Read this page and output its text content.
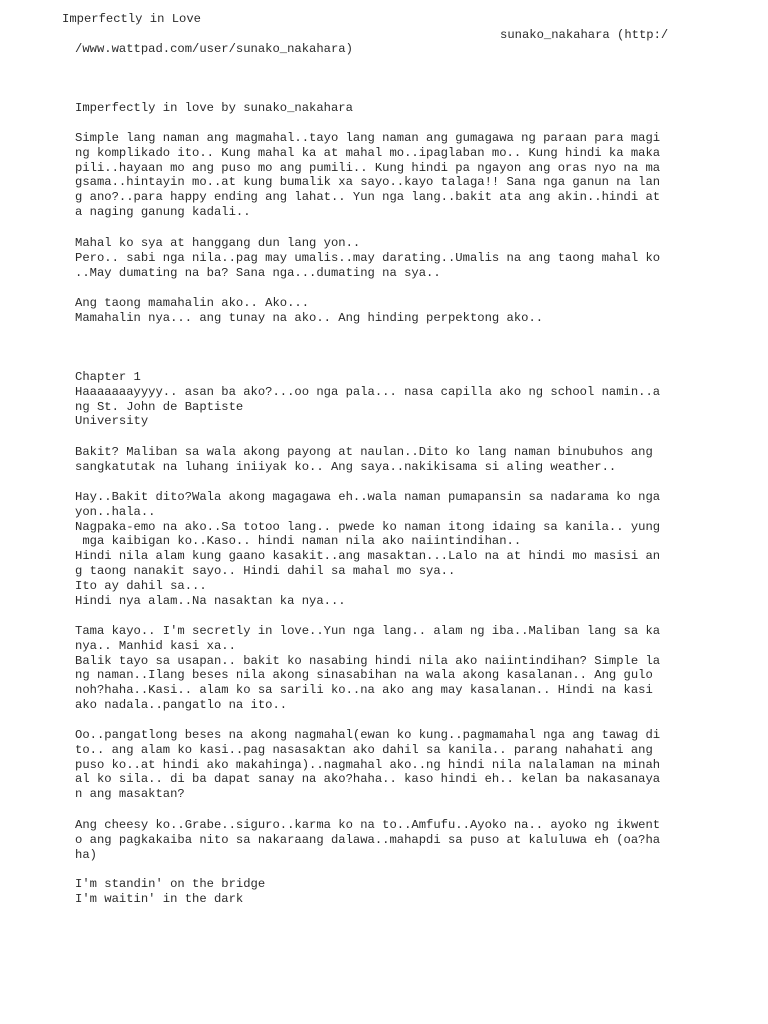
Imperfectly in Love
sunako_nakahara (http:/
/www.wattpad.com/user/sunako_nakahara)
Imperfectly in love by sunako_nakahara
Simple lang naman ang magmahal..tayo lang naman ang gumagawa ng paraan para magi
ng komplikado ito.. Kung mahal ka at mahal mo..ipaglaban mo.. Kung hindi ka maka
pili..hayaan mo ang puso mo ang pumili.. Kung hindi pa ngayon ang oras nyo na ma
gsama..hintayin mo..at kung bumalik xa sayo..kayo talaga!! Sana nga ganun na lan
g ano?..para happy ending ang lahat.. Yun nga lang..bakit ata ang akin..hindi at
a naging ganung kadali..
Mahal ko sya at hanggang dun lang yon..
Pero.. sabi nga nila..pag may umalis..may darating..Umalis na ang taong mahal ko
..May dumating na ba? Sana nga...dumating na sya..
Ang taong mamahalin ako.. Ako...
Mamahalin nya... ang tunay na ako.. Ang hinding perpektong ako..
Chapter 1
Haaaaaaayyyy.. asan ba ako?...oo nga pala... nasa capilla ako ng school namin..a
ng St. John de Baptiste
University
Bakit? Maliban sa wala akong payong at naulan..Dito ko lang naman binubuhos ang
sangkatutak na luhang iniiyak ko.. Ang saya..nakikisama si aling weather..
Hay..Bakit dito?Wala akong magagawa eh..wala naman pumapansin sa nadarama ko nga
yon..hala..
Nagpaka-emo na ako..Sa totoo lang.. pwede ko naman itong idaing sa kanila.. yung
mga kaibigan ko..Kaso.. hindi naman nila ako naiintindihan..
Hindi nila alam kung gaano kasakit..ang masaktan...Lalo na at hindi mo masisi an
g taong nanakit sayo.. Hindi dahil sa mahal mo sya..
Ito ay dahil sa...
Hindi nya alam..Na nasaktan ka nya...
Tama kayo.. I'm secretly in love..Yun nga lang.. alam ng iba..Maliban lang sa ka
nya.. Manhid kasi xa..
Balik tayo sa usapan.. bakit ko nasabing hindi nila ako naiintindihan? Simple la
ng naman..Ilang beses nila akong sinasabihan na wala akong kasalanan.. Ang gulo
noh?haha..Kasi.. alam ko sa sarili ko..na ako ang may kasalanan.. Hindi na kasi
ako nadala..pangatlo na ito..
Oo..pangatlong beses na akong nagmahal(ewan ko kung..pagmamahal nga ang tawag di
to.. ang alam ko kasi..pag nasasaktan ako dahil sa kanila.. parang nahahati ang
puso ko..at hindi ako makahinga)..nagmahal ako..ng hindi nila nalalaman na minah
al ko sila.. di ba dapat sanay na ako?haha.. kaso hindi eh.. kelan ba nakasanaya
n ang masaktan?
Ang cheesy ko..Grabe..siguro..karma ko na to..Amfufu..Ayoko na.. ayoko ng ikwent
o ang pagkakaiba nito sa nakaraang dalawa..mahapdi sa puso at kaluluwa eh (oa?ha
ha)
I'm standin' on the bridge
I'm waitin' in the dark
